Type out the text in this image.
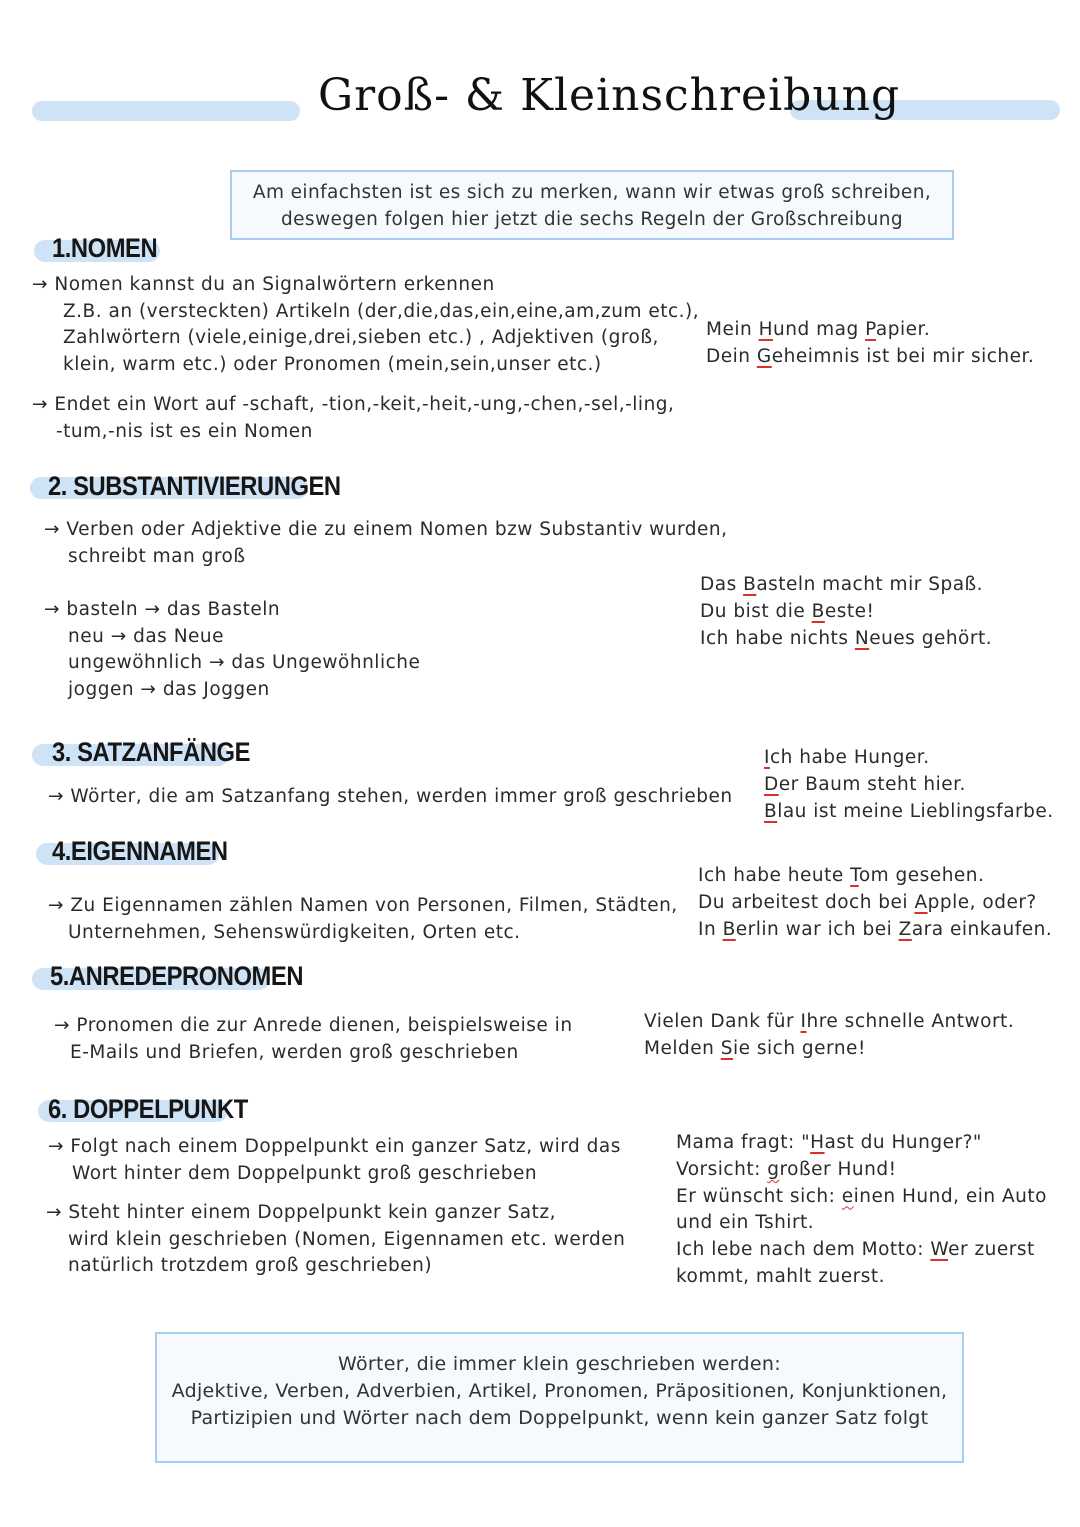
Groß- & Kleinschreibung
Am einfachsten ist es sich zu merken, wann wir etwas groß schreiben,
deswegen folgen hier jetzt die sechs Regeln der Großschreibung
1.NOMEN
→ Nomen kannst du an Signalwörtern erkennen
Z.B. an (versteckten) Artikeln (der,die,das,ein,eine,am,zum etc.),
Zahlwörtern (viele,einige,drei,sieben etc.) , Adjektiven (groß,
klein, warm etc.) oder Pronomen (mein,sein,unser etc.)
→ Endet ein Wort auf -schaft, -tion,-keit,-heit,-ung,-chen,-sel,-ling,
-tum,-nis ist es ein Nomen
Mein Hund mag Papier.
Dein Geheimnis ist bei mir sicher.
2. SUBSTANTIVIERUNGEN
→ Verben oder Adjektive die zu einem Nomen bzw Substantiv wurden,
schreibt man groß
→ basteln → das Basteln
neu → das Neue
ungewöhnlich → das Ungewöhnliche
joggen → das Joggen
Das Basteln macht mir Spaß.
Du bist die Beste!
Ich habe nichts Neues gehört.
3. SATZANFÄNGE
→ Wörter, die am Satzanfang stehen, werden immer groß geschrieben
Ich habe Hunger.
Der Baum steht hier.
Blau ist meine Lieblingsfarbe.
4.EIGENNAMEN
→ Zu Eigennamen zählen Namen von Personen, Filmen, Städten,
Unternehmen, Sehenswürdigkeiten, Orten etc.
Ich habe heute Tom gesehen.
Du arbeitest doch bei Apple, oder?
In Berlin war ich bei Zara einkaufen.
5.ANREDEPRONOMEN
→ Pronomen die zur Anrede dienen, beispielsweise in
E-Mails und Briefen, werden groß geschrieben
Vielen Dank für Ihre schnelle Antwort.
Melden Sie sich gerne!
6. DOPPELPUNKT
→ Folgt nach einem Doppelpunkt ein ganzer Satz, wird das
Wort hinter dem Doppelpunkt groß geschrieben
→ Steht hinter einem Doppelpunkt kein ganzer Satz,
wird klein geschrieben (Nomen, Eigennamen etc. werden
natürlich trotzdem groß geschrieben)
Mama fragt: "Hast du Hunger?"
Vorsicht: großer Hund!
Er wünscht sich: einen Hund, ein Auto
und ein Tshirt.
Ich lebe nach dem Motto: Wer zuerst
kommt, mahlt zuerst.
Wörter, die immer klein geschrieben werden:
Adjektive, Verben, Adverbien, Artikel, Pronomen, Präpositionen, Konjunktionen,
Partizipien und Wörter nach dem Doppelpunkt, wenn kein ganzer Satz folgt
